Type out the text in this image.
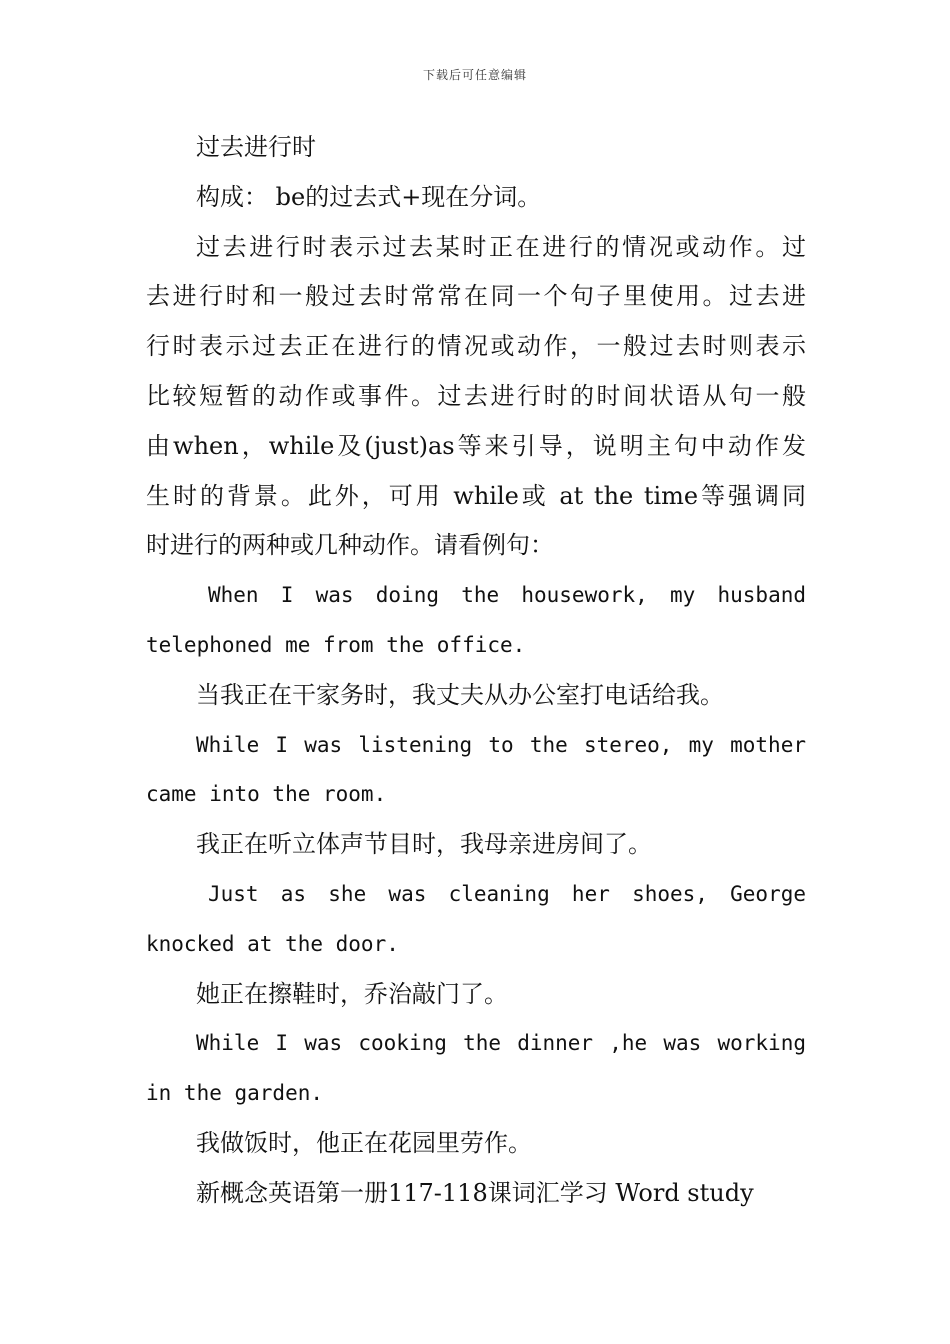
下载后可任意编辑
过去进行时
构成： be的过去式+现在分词。
过去进行时表示过去某时正在进行的情况或动作。过
去进行时和一般过去时常常在同一个句子里使用。过去进
行时表示过去正在进行的情况或动作，一般过去时则表示
比较短暂的动作或事件。过去进行时的时间状语从句一般
由when，while及(just)as等来引导，说明主句中动作发
生时的背景。此外，可用 while或 at the time等强调同
时进行的两种或几种动作。请看例句：
When I was doing the housework, my husband
telephoned me from the office.
当我正在干家务时，我丈夫从办公室打电话给我。
While I was listening to the stereo, my mother
came into the room.
我正在听立体声节目时，我母亲进房间了。
Just as she was cleaning her shoes, George
knocked at the door.
她正在擦鞋时，乔治敲门了。
While I was cooking the dinner ,he was working
in the garden.
我做饭时，他正在花园里劳作。
新概念英语第一册117-118课词汇学习 Word study
